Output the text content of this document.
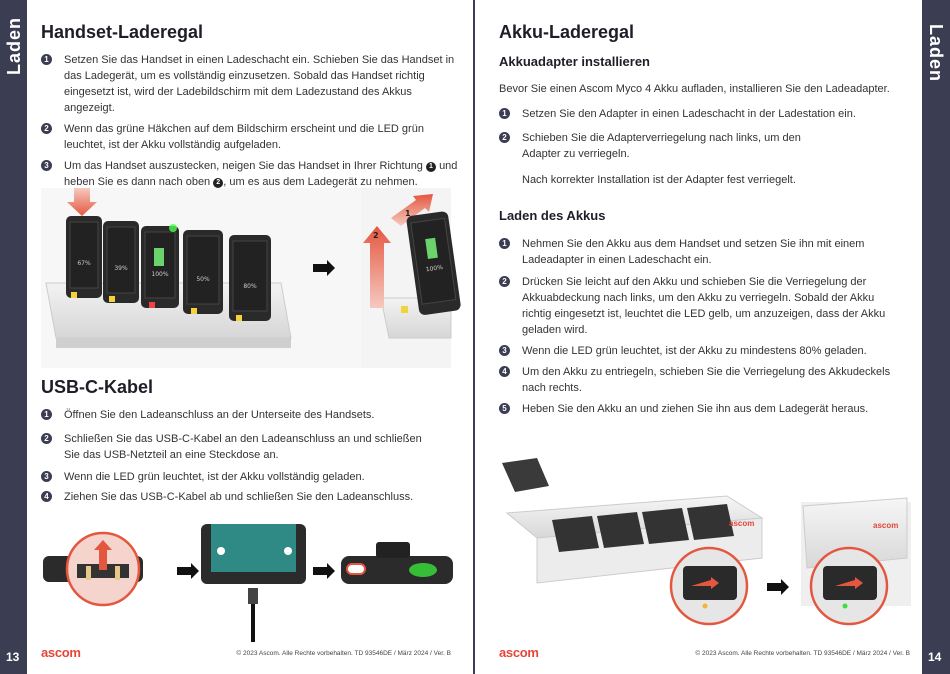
Laden
13
Laden
14
Handset-Laderegal
1 Setzen Sie das Handset in einen Ladeschacht ein. Schieben Sie das Handset in das Ladegerät, um es vollständig einzusetzen. Sobald das Handset richtig eingesetzt ist, wird der Ladebildschirm mit dem Ladezustand des Akkus angezeigt.
2 Wenn das grüne Häkchen auf dem Bildschirm erscheint und die LED grün leuchtet, ist der Akku vollständig aufgeladen.
3 Um das Handset auszustecken, neigen Sie das Handset in Ihrer Richtung 1 und heben Sie es dann nach oben 2 , um es aus dem Ladegerät zu nehmen.
67%
39%
100%
50%
80%
2
1
100%
USB-C-Kabel
1 Öffnen Sie den Ladeanschluss an der Unterseite des Handsets.
2 Schließen Sie das USB-C-Kabel an den Ladeanschluss an und schließen Sie das USB-Netzteil an eine Steckdose an.
3 Wenn die LED grün leuchtet, ist der Akku vollständig geladen.
4 Ziehen Sie das USB-C-Kabel ab und schließen Sie den Ladeanschluss.
ascom	© 2023 Ascom. Alle Rechte vorbehalten. TD 93546DE / März 2024 / Ver. B
Akku-Laderegal
Akkuadapter installieren

Bevor Sie einen Ascom Myco 4 Akku aufladen, installieren Sie den Ladeadapter.

1 Setzen Sie den Adapter in einen Ladeschacht in der Ladestation ein.
2 Schieben Sie die Adapterverriegelung nach links, um den Adapter zu verriegeln.

Nach korrekter Installation ist der Adapter fest verriegelt.

Laden des Akkus
1 Nehmen Sie den Akku aus dem Handset und setzen Sie ihn mit einem Ladeadapter in einen Ladeschacht ein.
2 Drücken Sie leicht auf den Akku und schieben Sie die Verriegelung der Akkuabdeckung nach links, um den Akku zu verriegeln. Sobald der Akku richtig eingesetzt ist, leuchtet die LED gelb, um anzuzeigen, dass der Akku geladen wird.
3 Wenn die LED grün leuchtet, ist der Akku zu mindestens 80% geladen.
4 Um den Akku zu entriegeln, schieben Sie die Verriegelung des Akkudeckels nach rechts.
5 Heben Sie den Akku an und ziehen Sie ihn aus dem Ladegerät heraus.
ascom	ascom
ascom	© 2023 Ascom. Alle Rechte vorbehalten. TD 93546DE / März 2024 / Ver. B
